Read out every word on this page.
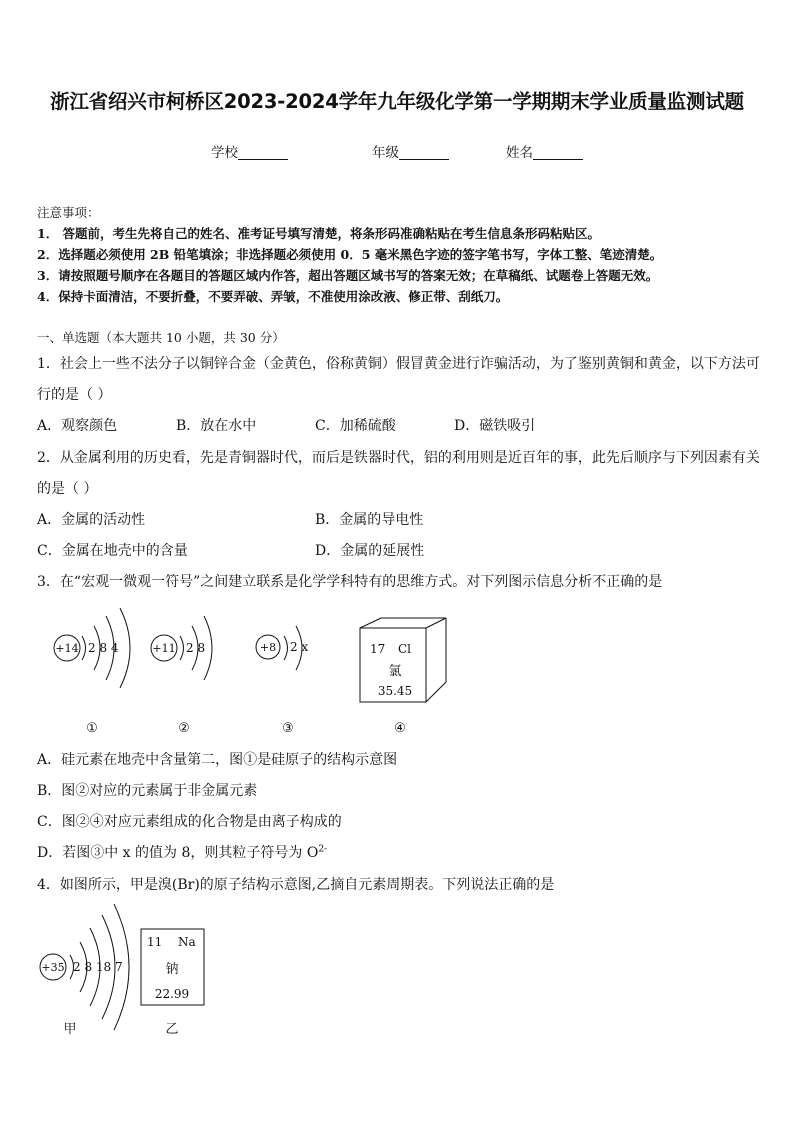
浙江省绍兴市柯桥区2023-2024学年九年级化学第一学期期末学业质量监测试题
学校	年级	姓名
注意事项：
1． 答题前，考生先将自己的姓名、准考证号填写清楚，将条形码准确粘贴在考生信息条形码粘贴区。
2．选择题必须使用 2B 铅笔填涂；非选择题必须使用 0．5 毫米黑色字迹的签字笔书写，字体工整、笔迹清楚。
3．请按照题号顺序在各题目的答题区域内作答，超出答题区域书写的答案无效；在草稿纸、试题卷上答题无效。
4．保持卡面清洁，不要折叠，不要弄破、弄皱，不准使用涂改液、修正带、刮纸刀。
一、单选题（本大题共 10 小题，共 30 分）
1．社会上一些不法分子以铜锌合金（金黄色，俗称黄铜）假冒黄金进行诈骗活动，为了鉴别黄铜和黄金，以下方法可
行的是（ ）
A．观察颜色	B．放在水中	C．加稀硫酸	D．磁铁吸引
2．从金属利用的历史看，先是青铜器时代，而后是铁器时代，铝的利用则是近百年的事，此先后顺序与下列因素有关
的是（ ）
A．金属的活动性	B．金属的导电性
C．金属在地壳中的含量	D．金属的延展性
3．在“宏观一微观一符号”之间建立联系是化学学科特有的思维方式。对下列图示信息分析不正确的是
+14 2 8 4	+11 2 8	+8 2 x	17 Cl
氯
35.45
①	②	③	④
A．硅元素在地壳中含量第二，图①是硅原子的结构示意图
B．图②对应的元素属于非金属元素
C．图②④对应元素组成的化合物是由离子构成的
D．若图③中 x 的值为 8，则其粒子符号为 $O^{2-}$
4．如图所示，甲是溴(Br)的原子结构示意图,乙摘自元素周期表。下列说法正确的是
+35 2 8 18 7
11 Na
钠
22.99
甲	乙
